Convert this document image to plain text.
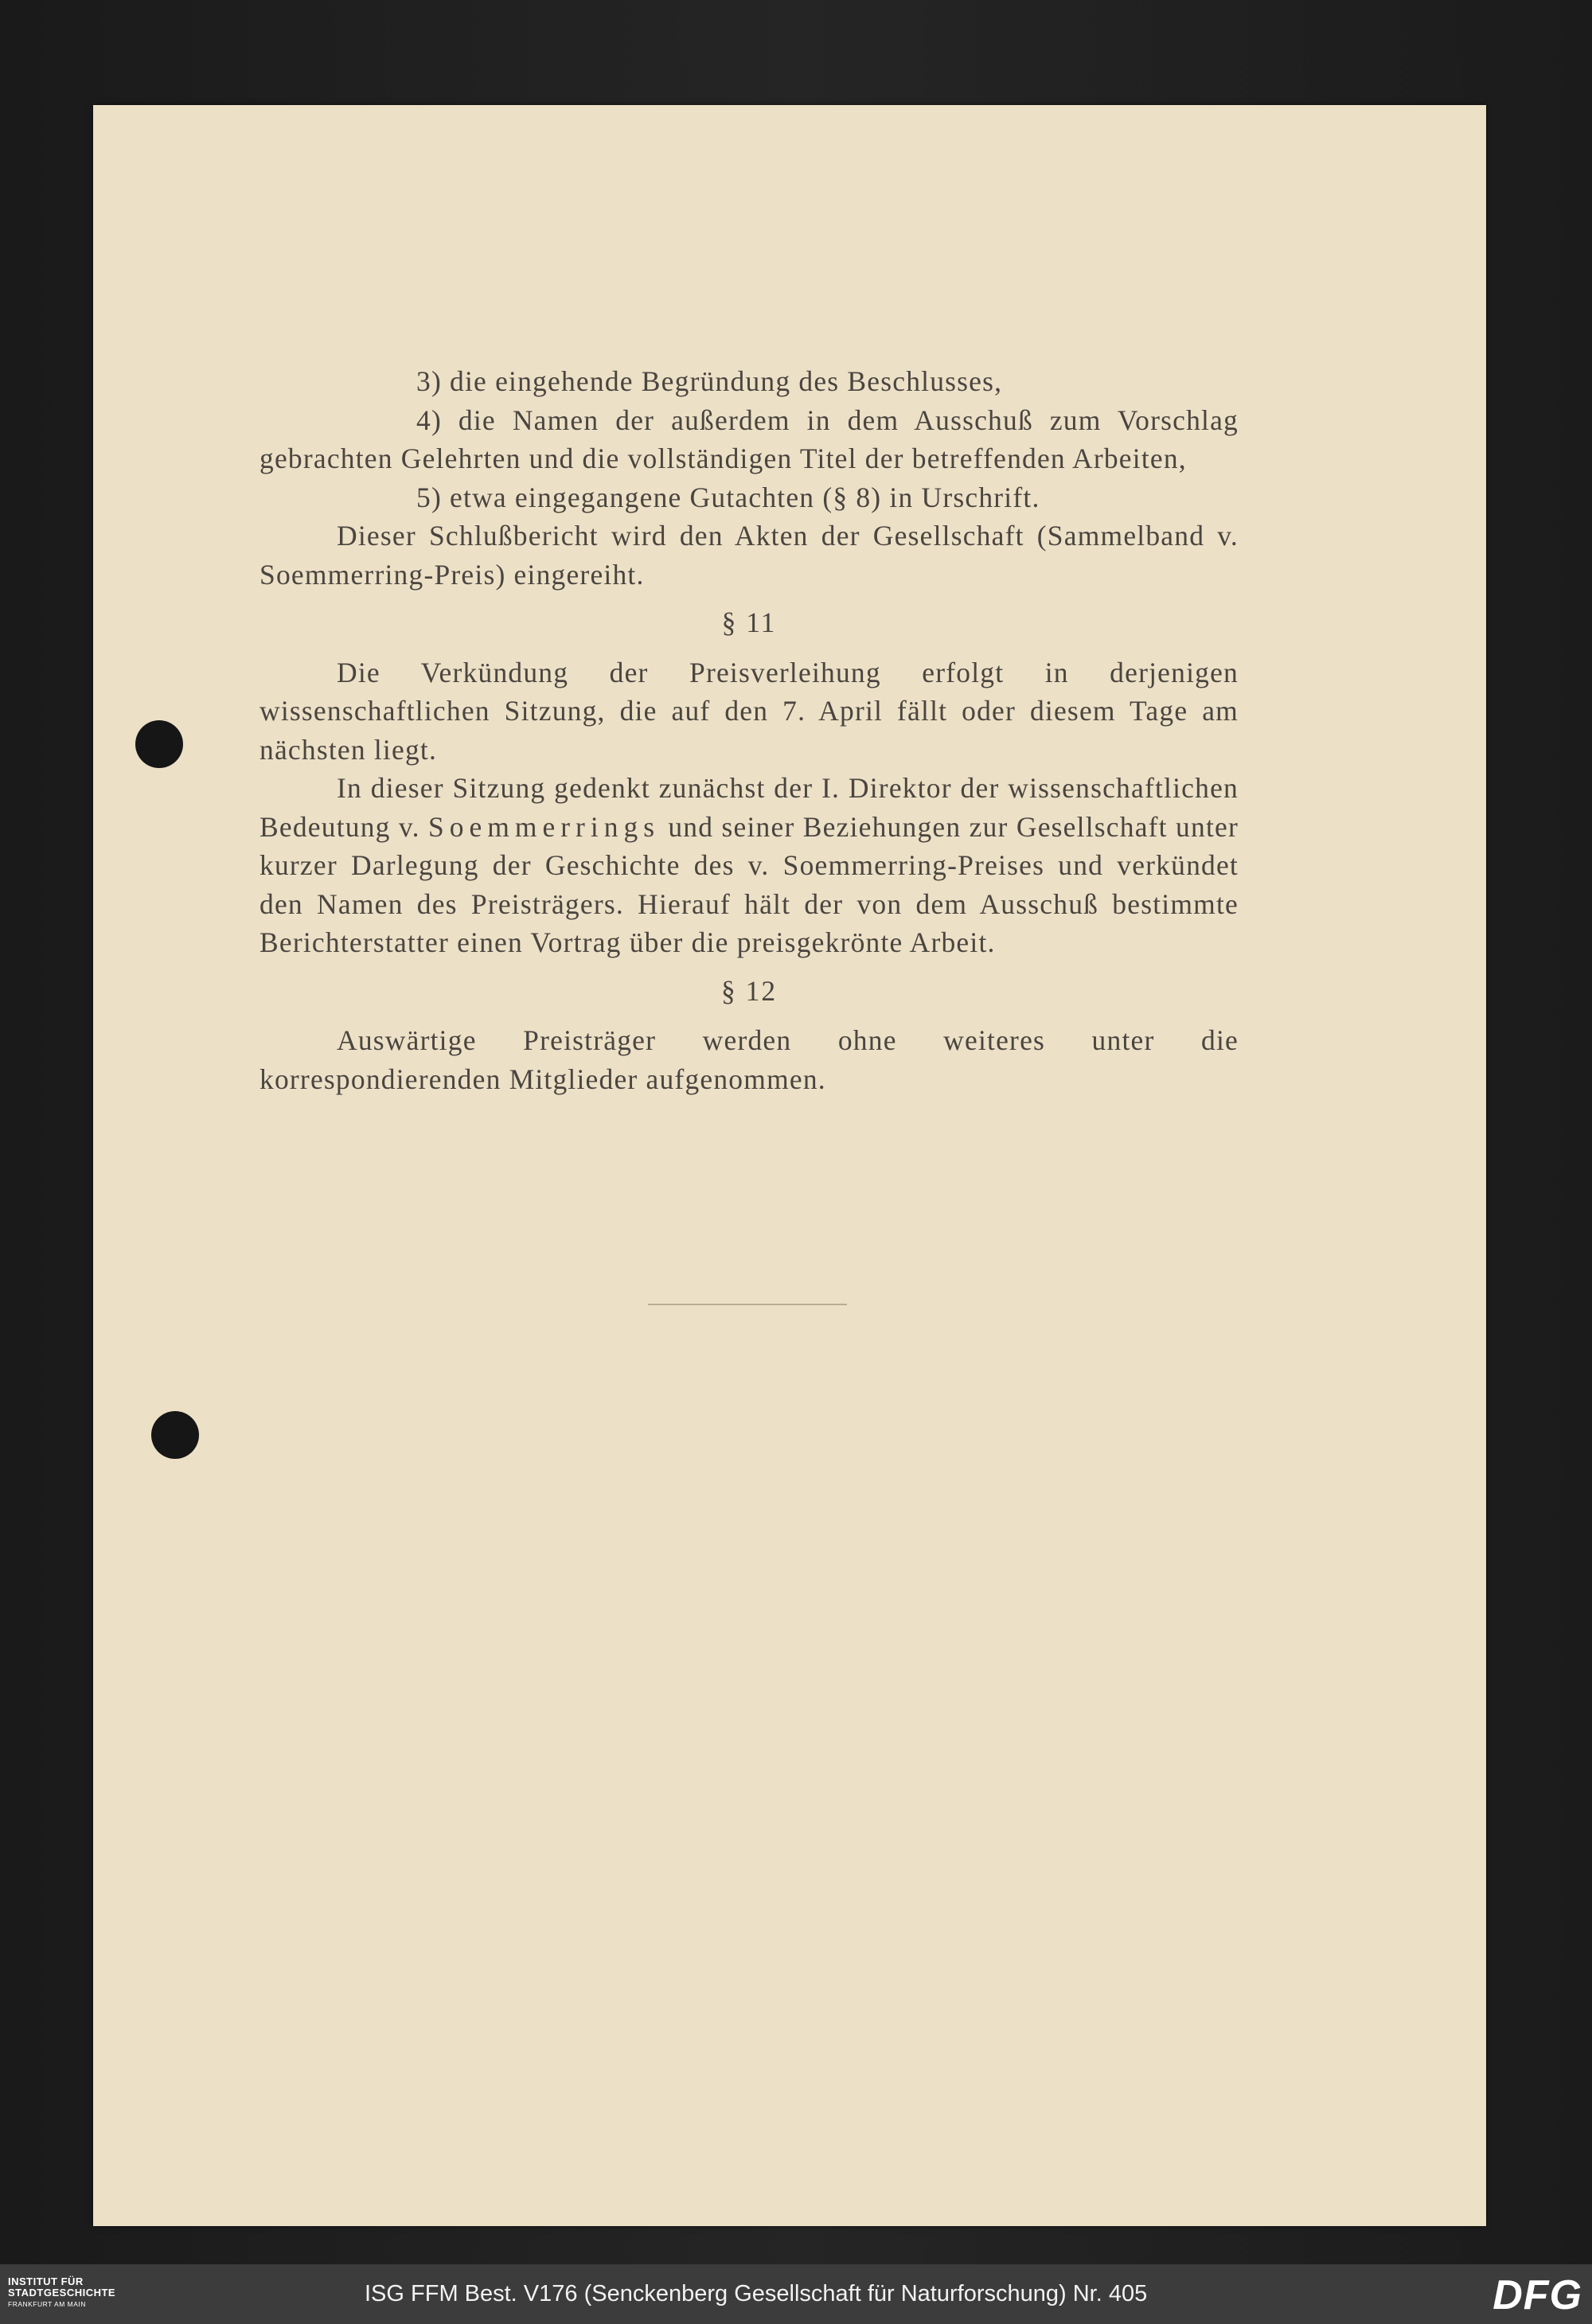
3) die eingehende Begründung des Beschlusses,
4) die Namen der außerdem in dem Ausschuß zum Vorschlag gebrachten Gelehrten und die vollständigen Titel der betreffenden Arbeiten,
5) etwa eingegangene Gutachten (§ 8) in Urschrift.
Dieser Schlußbericht wird den Akten der Gesellschaft (Sammelband v. Soemmerring-Preis) eingereiht.
§ 11
Die Verkündung der Preisverleihung erfolgt in derjenigen wissenschaftlichen Sitzung, die auf den 7. April fällt oder diesem Tage am nächsten liegt.
In dieser Sitzung gedenkt zunächst der I. Direktor der wissenschaftlichen Bedeutung v. Soemmerrings und seiner Beziehungen zur Gesellschaft unter kurzer Darlegung der Geschichte des v. Soemmerring-Preises und verkündet den Namen des Preisträgers. Hierauf hält der von dem Ausschuß bestimmte Berichterstatter einen Vortrag über die preisgekrönte Arbeit.
§ 12
Auswärtige Preisträger werden ohne weiteres unter die korrespondierenden Mitglieder aufgenommen.
INSTITUT FÜR
STADTGESCHICHTE
FRANKFURT AM MAIN	ISG FFM Best. V176 (Senckenberg Gesellschaft für Naturforschung) Nr. 405	DFG
